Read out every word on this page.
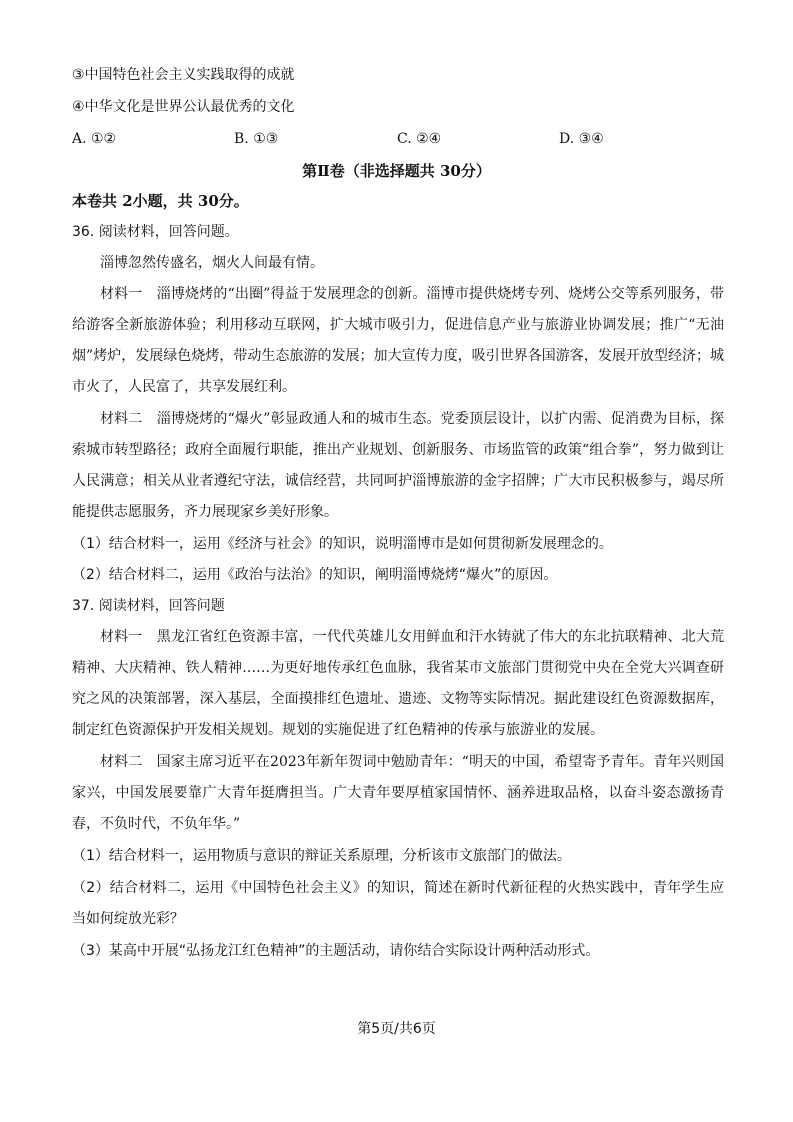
③中国特色社会主义实践取得的成就
④中华文化是世界公认最优秀的文化
A. ①②	B. ①③	C. ②④	D. ③④
第Ⅱ卷（非选择题共 30分）
本卷共 2小题，共 30分。
36. 阅读材料，回答问题。
淄博忽然传盛名，烟火人间最有情。
材料一　淄博烧烤的“出圈”得益于发展理念的创新。淄博市提供烧烤专列、烧烤公交等系列服务，带给游客全新旅游体验；利用移动互联网，扩大城市吸引力，促进信息产业与旅游业协调发展；推广“无油烟”烤炉，发展绿色烧烤，带动生态旅游的发展；加大宣传力度，吸引世界各国游客，发展开放型经济；城市火了，人民富了，共享发展红利。
材料二　淄博烧烤的“爆火”彰显政通人和的城市生态。党委顶层设计，以扩内需、促消费为目标，探索城市转型路径；政府全面履行职能，推出产业规划、创新服务、市场监管的政策“组合拳”，努力做到让人民满意；相关从业者遵纪守法，诚信经营，共同呵护淄博旅游的金字招牌；广大市民积极参与，竭尽所能提供志愿服务，齐力展现家乡美好形象。
（1）结合材料一，运用《经济与社会》的知识，说明淄博市是如何贯彻新发展理念的。
（2）结合材料二，运用《政治与法治》的知识，阐明淄博烧烤“爆火”的原因。
37. 阅读材料，回答问题
材料一　黑龙江省红色资源丰富，一代代英雄儿女用鲜血和汗水铸就了伟大的东北抗联精神、北大荒精神、大庆精神、铁人精神……为更好地传承红色血脉，我省某市文旅部门贯彻党中央在全党大兴调查研究之风的决策部署，深入基层，全面摸排红色遗址、遗迹、文物等实际情况。据此建设红色资源数据库，制定红色资源保护开发相关规划。规划的实施促进了红色精神的传承与旅游业的发展。
材料二　国家主席习近平在2023年新年贺词中勉励青年：“明天的中国，希望寄予青年。青年兴则国家兴，中国发展要靠广大青年挺膺担当。广大青年要厚植家国情怀、涵养进取品格，以奋斗姿态激扬青春，不负时代，不负年华。”
（1）结合材料一，运用物质与意识的辩证关系原理，分析该市文旅部门的做法。
（2）结合材料二，运用《中国特色社会主义》的知识，简述在新时代新征程的火热实践中，青年学生应当如何绽放光彩？
（3）某高中开展“弘扬龙江红色精神”的主题活动，请你结合实际设计两种活动形式。
第5页/共6页
